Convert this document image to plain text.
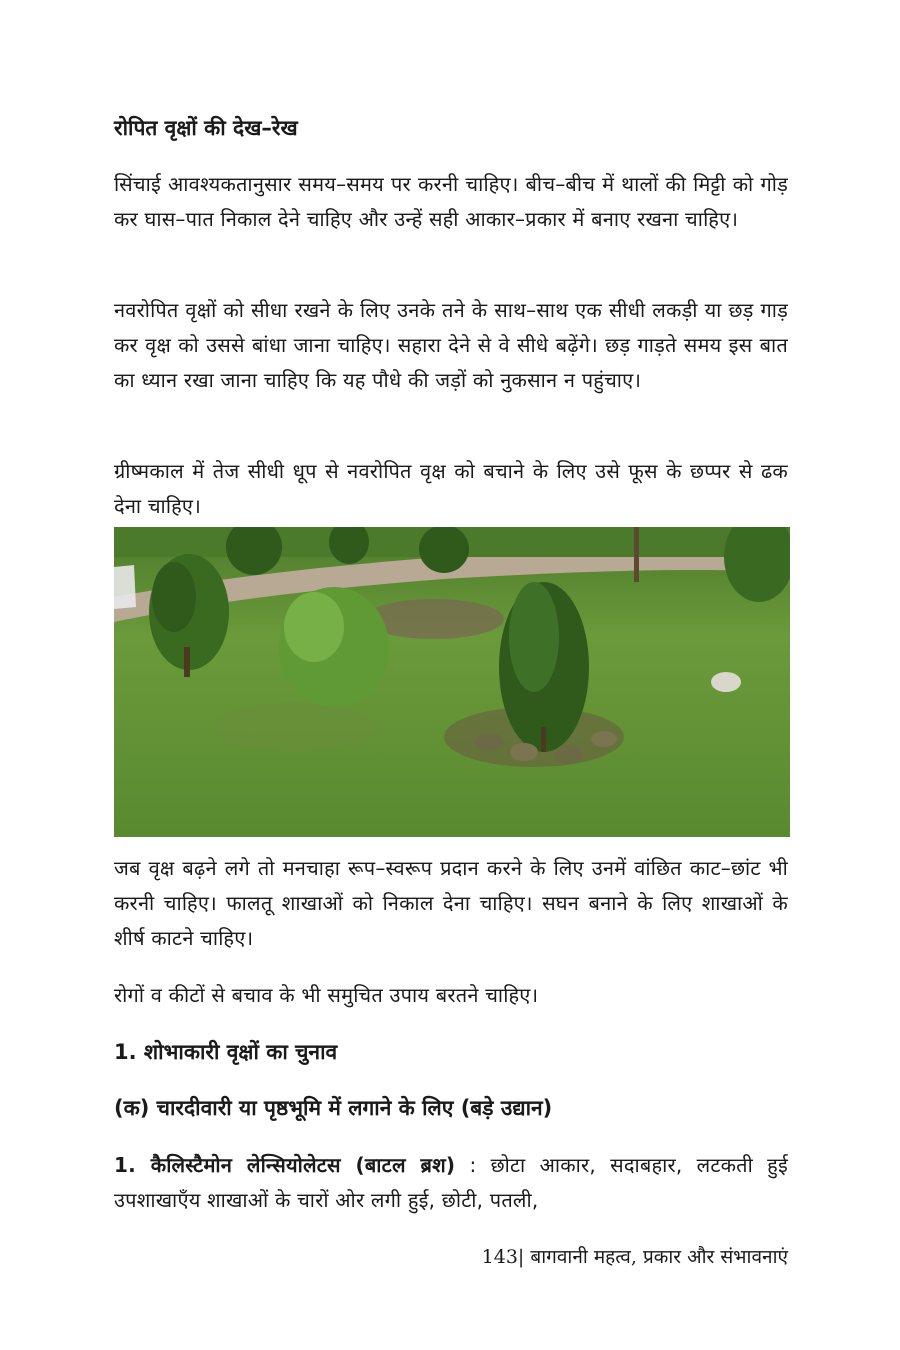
रोपित वृक्षों की देख–रेख
सिंचाई आवश्यकतानुसार समय–समय पर करनी चाहिए। बीच–बीच में थालों की मिट्टी को गोड़ कर घास–पात निकाल देने चाहिए और उन्हें सही आकार–प्रकार में बनाए रखना चाहिए।
नवरोपित वृक्षों को सीधा रखने के लिए उनके तने के साथ–साथ एक सीधी लकड़ी या छड़ गाड़ कर वृक्ष को उससे बांधा जाना चाहिए। सहारा देने से वे सीधे बढ़ेंगे। छड़ गाड़ते समय इस बात का ध्यान रखा जाना चाहिए कि यह पौधे की जड़ों को नुकसान न पहुंचाए।
ग्रीष्मकाल में तेज सीधी धूप से नवरोपित वृक्ष को बचाने के लिए उसे फूस के छप्पर से ढक देना चाहिए।
जब वृक्ष बढ़ने लगे तो मनचाहा रूप–स्वरूप प्रदान करने के लिए उनमें वांछित काट–छांट भी करनी चाहिए। फालतू शाखाओं को निकाल देना चाहिए। सघन बनाने के लिए शाखाओं के शीर्ष काटने चाहिए।
रोगों व कीटों से बचाव के भी समुचित उपाय बरतने चाहिए।
1. शोभाकारी वृक्षों का चुनाव
(क) चारदीवारी या पृष्ठभूमि में लगाने के लिए (बड़े उद्यान)
1. कैलिस्टैमोन लेन्सियोलेटस (बाटल ब्रश) : छोटा आकार, सदाबहार, लटकती हुई उपशाखाएँय शाखाओं के चारों ओर लगी हुई, छोटी, पतली,
143| बागवानी महत्व, प्रकार और संभावनाएं
